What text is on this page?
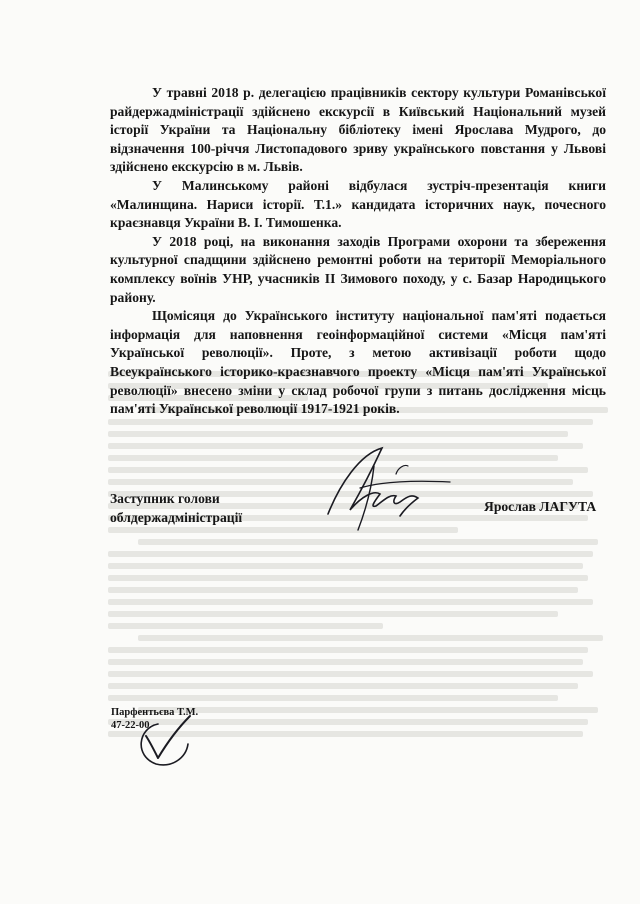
У травні 2018 р. делегацією працівників сектору культури Романівської райдержадміністрації здійснено екскурсії в Київський Національний музей історії України та Національну бібліотеку імені Ярослава Мудрого, до відзначення 100-річчя Листопадового зриву українського повстання у Львові здійснено екскурсію в м. Львів.

У Малинському районі відбулася зустріч-презентація книги «Малинщина. Нариси історії. Т.1.» кандидата історичних наук, почесного краєзнавця України В. І. Тимошенка.

У 2018 році, на виконання заходів Програми охорони та збереження культурної спадщини здійснено ремонтні роботи на території Меморіального комплексу воїнів УНР, учасників ІІ Зимового походу, у с. Базар Народицького району.

Щомісяця до Українського інституту національної пам'яті подається інформація для наповнення геоінформаційної системи «Місця пам'яті Української революції». Проте, з метою активізації роботи щодо Всеукраїнського історико-краєзнавчого проекту «Місця пам'яті Української революції» внесено зміни у склад робочої групи з питань дослідження місць пам'яті Української революції 1917-1921 років.

Заступник голови
облдержадміністрації
Ярослав ЛАГУТА
Парфентьєва Т.М.
47-22-00
